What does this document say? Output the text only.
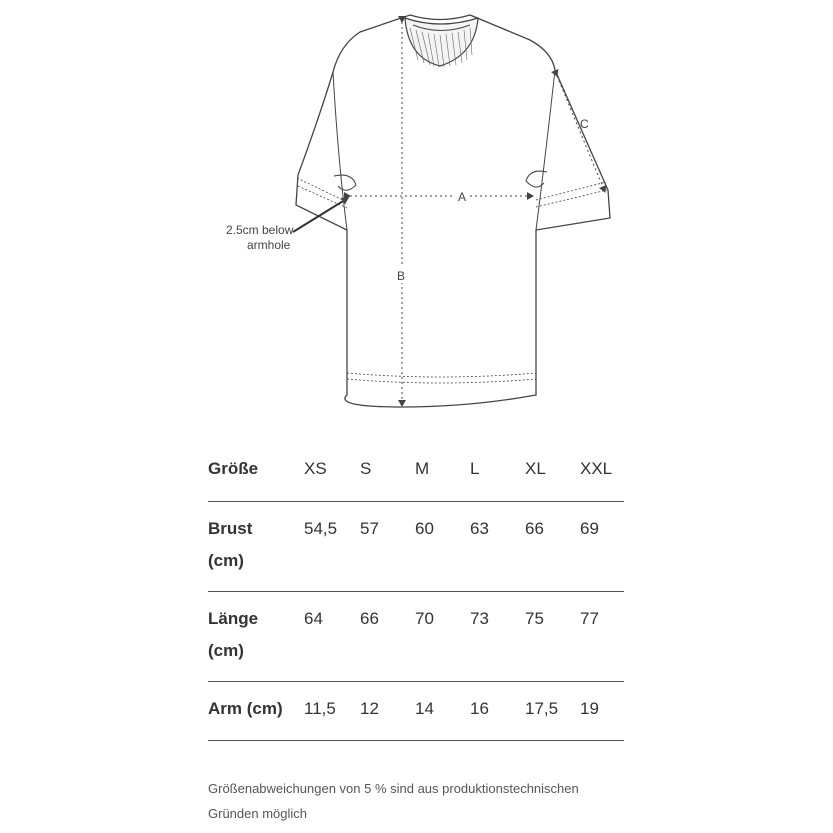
A
B
C
2.5cm below
armhole
Größe	XS	S	M	L	XL	XXL
Brust
(cm)	54,5	57	60	63	66	69
Länge
(cm)	64	66	70	73	75	77
Arm (cm)	11,5	12	14	16	17,5	19
Größenabweichungen von 5 % sind aus produktionstechnischen
Gründen möglich
